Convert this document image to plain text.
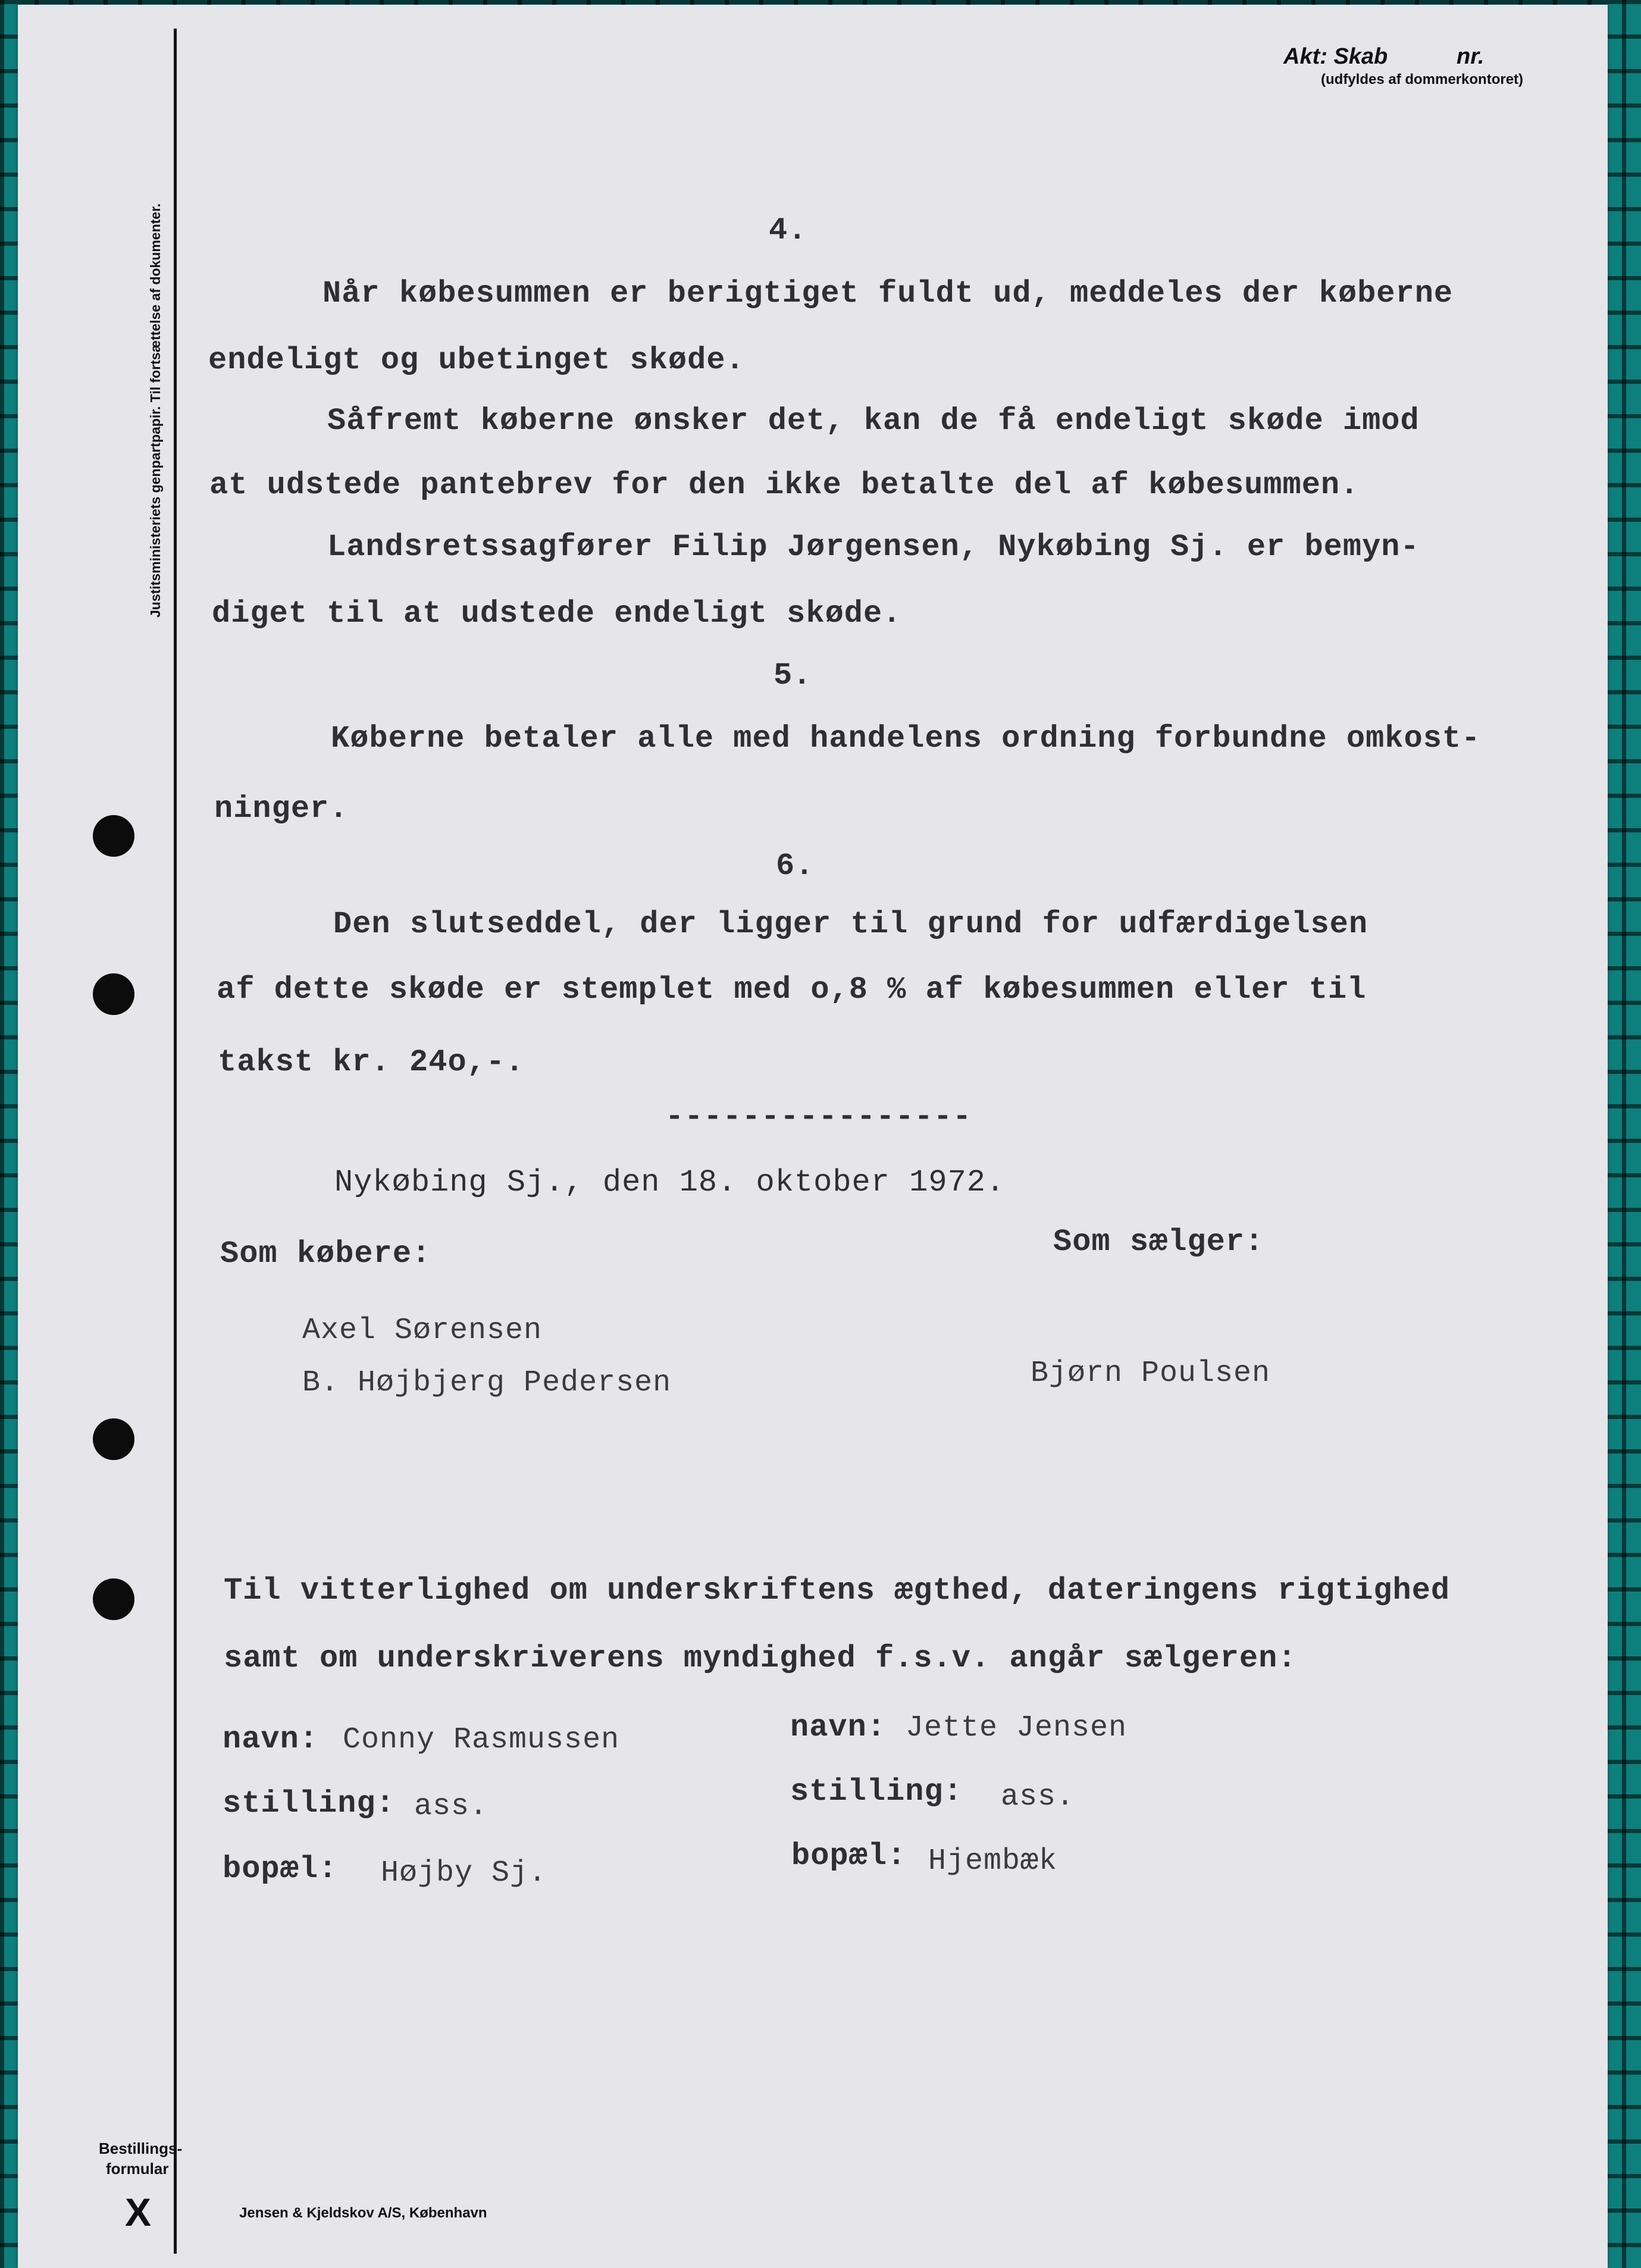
Akt: Skab	nr.
(udfyldes af dommerkontoret)
Justitsministeriets genpartpapir. Til fortsættelse af dokumenter.
Bestillings-
formular
X	Jensen & Kjeldskov A/S, København
4.
Når købesummen er berigtiget fuldt ud, meddeles der køberne
endeligt og ubetinget skøde.
Såfremt køberne ønsker det, kan de få endeligt skøde imod
at udstede pantebrev for den ikke betalte del af købesummen.
Landsretssagfører Filip Jørgensen, Nykøbing Sj. er bemyn-
diget til at udstede endeligt skøde.
5.
Køberne betaler alle med handelens ordning forbundne omkost-
ninger.
6.
Den slutseddel, der ligger til grund for udfærdigelsen
af dette skøde er stemplet med o,8 % af købesummen eller til
takst kr. 24o,-.
----------------
Nykøbing Sj., den 18. oktober 1972.
Som købere:	Som sælger:
Axel Sørensen
B. Højbjerg Pedersen	Bjørn Poulsen
Til vitterlighed om underskriftens ægthed, dateringens rigtighed
samt om underskriverens myndighed f.s.v. angår sælgeren:
navn: Conny Rasmussen	navn: Jette Jensen
stilling: ass.	stilling: ass.
bopæl: Højby Sj.	bopæl: Hjembæk
